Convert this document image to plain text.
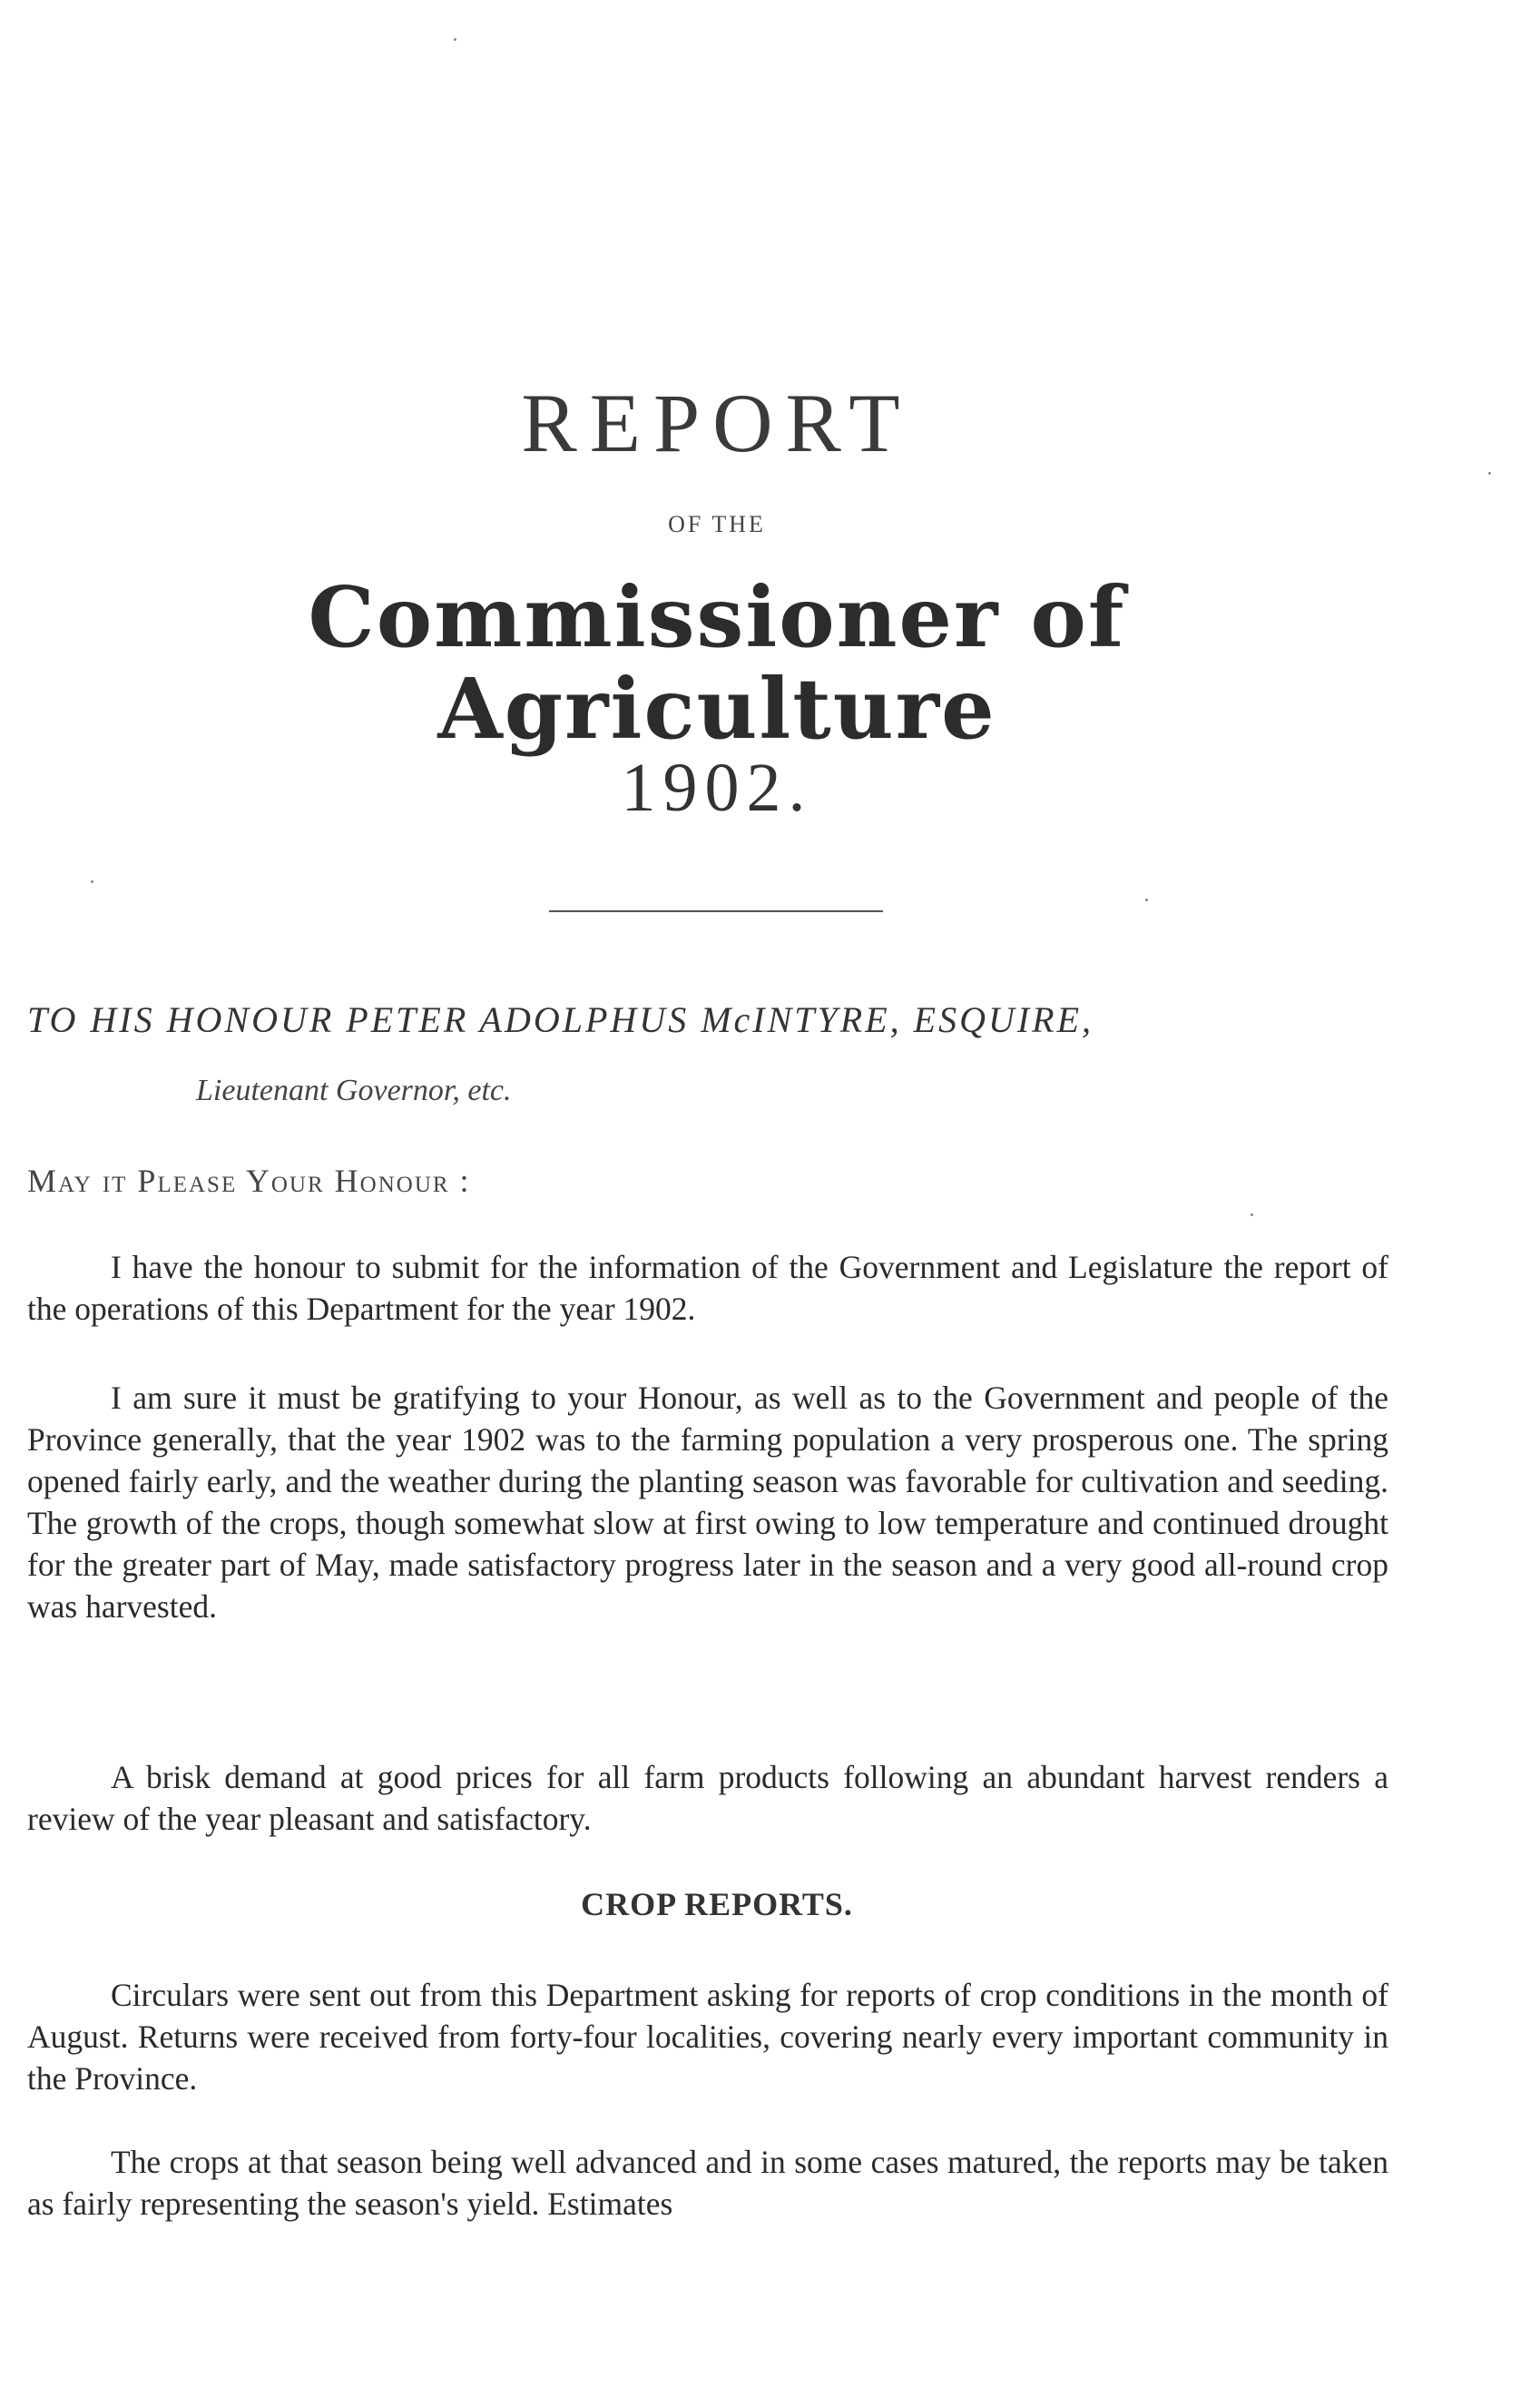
REPORT
OF THE
Commissioner of Agriculture
1902.
TO HIS HONOUR PETER ADOLPHUS McINTYRE, ESQUIRE,
Lieutenant Governor, etc.
May it Please Your Honour :

I have the honour to submit for the information of the Government and Legislature the report of the operations of this Department for the year 1902.

I am sure it must be gratifying to your Honour, as well as to the Government and people of the Province generally, that the year 1902 was to the farming population a very prosperous one. The spring opened fairly early, and the weather during the planting season was favorable for cultivation and seeding. The growth of the crops, though somewhat slow at first owing to low temperature and continued drought for the greater part of May, made satisfactory progress later in the season and a very good all-round crop was harvested.

A brisk demand at good prices for all farm products following an abundant harvest renders a review of the year pleasant and satisfactory.

CROP REPORTS.

Circulars were sent out from this Department asking for reports of crop conditions in the month of August. Returns were received from forty-four localities, covering nearly every important community in the Province.

The crops at that season being well advanced and in some cases matured, the reports may be taken as fairly representing the season's yield. Estimates
